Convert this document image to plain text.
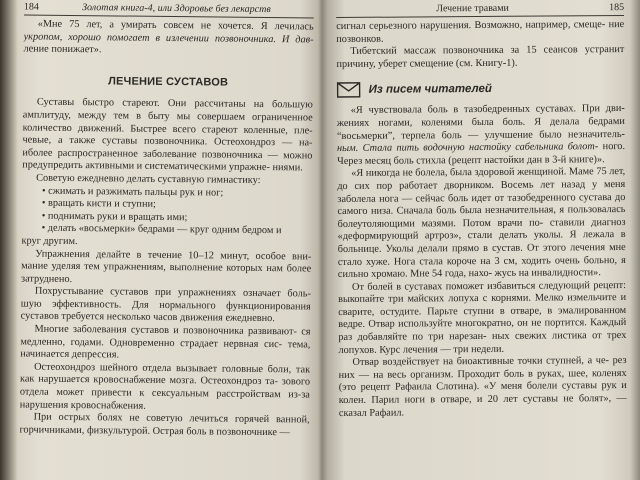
184	Золотая книга-4, или Здоровье без лекарств

«Мне 75 лет, а умирать совсем не хочется. Я лечилась укропом, хорошо помогает в излечении позвоночника. И дав- ление понижает».

ЛЕЧЕНИЕ СУСТАВОВ

Суставы быстро стареют. Они рассчитаны на большую амплитуду, между тем в быту мы совершаем ограниченное количество движений. Быстрее всего стареют коленные, пле- чевые, а также суставы позвоночника. Остеохондроз — на- иболее распространенное заболевание позвоночника — можно предупредить активными и систематическими упражне- ниями.

Советую ежедневно делать суставную гимнастику:

• сжимать и разжимать пальцы рук и ног;

• вращать кисти и ступни;

• поднимать руки и вращать ими;

• делать «восьмерки» бедрами — круг одним бедром и

круг другим.

Упражнения делайте в течение 10–12 минут, особое вни- мание уделяя тем упражнениям, выполнение которых нам более затруднено.

Похрустывание суставов при упражнениях означает боль- шую эффективность. Для нормального функционирования суставов требуется несколько часов движения ежедневно.

Многие заболевания суставов и позвоночника развивают- ся медленно, годами. Одновременно страдает нервная сис- тема, начинается депрессия.

Остеохондроз шейного отдела вызывает головные боли, так как нарушается кровоснабжение мозга. Остеохондроз та- зового отдела может привести к сексуальным расстройствам из-за нарушения кровоснабжения.

При острых болях не советую лечиться горячей ванной, горчичниками, физкультурой. Острая боль в позвоночнике —

Лечение травами	185

сигнал серьезного нарушения. Возможно, например, смеще- ние позвонков.

Тибетский массаж позвоночника за 15 сеансов устранит причину, уберет смещение (см. Книгу-1).

Из писем читателей

«Я чувствовала боль в тазобедренных суставах. При дви- жениях ногами, коленями была боль. Я делала бедрами “восьмерки”, терпела боль — улучшение было незначитель- ным. Стала пить водочную настойку сабельника болот- ного. Через месяц боль стихла (рецепт настойки дан в 3-й книге)».

«Я никогда не болела, была здоровой женщиной. Маме 75 лет, до сих пор работает дворником. Восемь лет назад у меня заболела нога — сейчас боль идет от тазобедренного сустава до самого низа. Сначала боль была незначительная, я пользовалась болеутоляющими мазями. Потом врачи по- ставили диагноз «деформирующий артроз», стали делать уколы. Я лежала в больнице. Уколы делали прямо в сустав. От этого лечения мне стало хуже. Нога стала короче на 3 см, ходить очень больно, я сильно хромаю. Мне 54 года, нахо- жусь на инвалидности».

От болей в суставах поможет избавиться следующий рецепт: выкопайте три майских лопуха с корнями. Мелко измельчите и сварите, остудите. Парьте ступни в отваре, в эмалированном ведре. Отвар используйте многократно, он не портится. Каждый раз добавляйте по три нарезан- ных свежих листика от трех лопухов. Курс лечения — три недели.

Отвар воздействует на биоактивные точки ступней, а че- рез них — на весь организм. Проходит боль в руках, шее, коленях (это рецепт Рафаила Слотина). «У меня болели суставы рук и колен. Парил ноги в отваре, и 20 лет суставы не болят», — сказал Рафаил.
